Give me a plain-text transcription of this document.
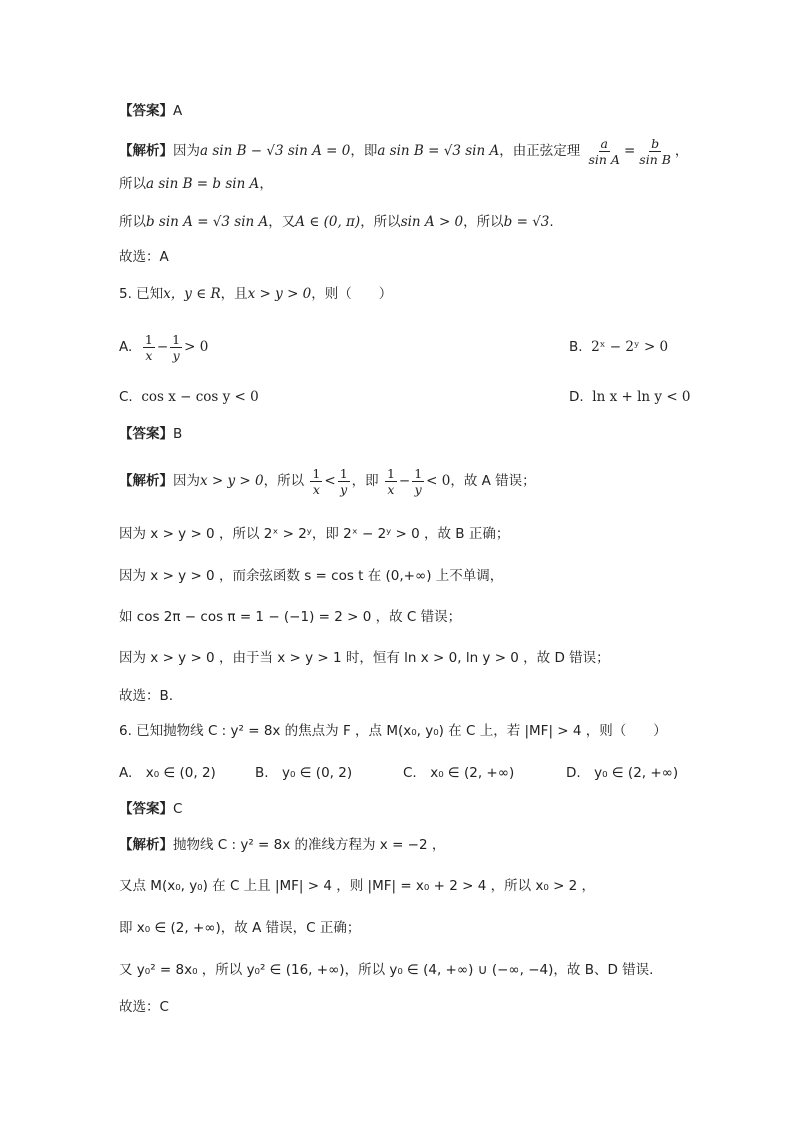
【答案】A
【解析】因为a sin B − √3 sin A = 0，即a sin B = √3 sin A，由正弦定理 $\frac{a}{\text{sin A}} = \frac{b}{\text{sin B}}$ ，
所以a sin B = b sin A，
所以b sin A = √3 sin A，又A ∈ (0, π)，所以sin A > 0，所以b = √3.
故选：A
5. 已知x，y ∈ R，且x > y > 0，则（　　）
A. $\frac{1}{x} - \frac{1}{y} > 0$	B. 2ˣ − 2ʸ > 0
C. cos x − cos y < 0	D. ln x + ln y < 0
【答案】B
【解析】因为x > y > 0，所以 $\frac{1}{x} < \frac{1}{y}$ ，即 $\frac{1}{x} - \frac{1}{y} < 0$，故 A 错误；
因为 x > y > 0 ，所以 2ˣ > 2ʸ，即 2ˣ − 2ʸ > 0 ，故 B 正确；
因为 x > y > 0 ，而余弦函数 s = cos t 在 (0,+∞) 上不单调，
如 cos 2π − cos π = 1 − (−1) = 2 > 0 ，故 C 错误；
因为 x > y > 0 ，由于当 x > y > 1 时，恒有 ln x > 0, ln y > 0 ，故 D 错误；
故选：B.
6. 已知抛物线 C : y² = 8x 的焦点为 F ，点 M(x₀, y₀) 在 C 上，若 |MF| > 4 ，则（　　）
A.　x₀ ∈ (0, 2)	B.　y₀ ∈ (0, 2)	C.　x₀ ∈ (2, +∞)	D.　y₀ ∈ (2, +∞)
【答案】C
【解析】抛物线 C : y² = 8x 的准线方程为 x = −2 ，
又点 M(x₀, y₀) 在 C 上且 |MF| > 4 ，则 |MF| = x₀ + 2 > 4 ，所以 x₀ > 2 ，
即 x₀ ∈ (2, +∞)，故 A 错误，C 正确；
又 y₀² = 8x₀ ，所以 y₀² ∈ (16, +∞)，所以 y₀ ∈ (4, +∞) ∪ (−∞, −4)，故 B、D 错误.
故选：C
